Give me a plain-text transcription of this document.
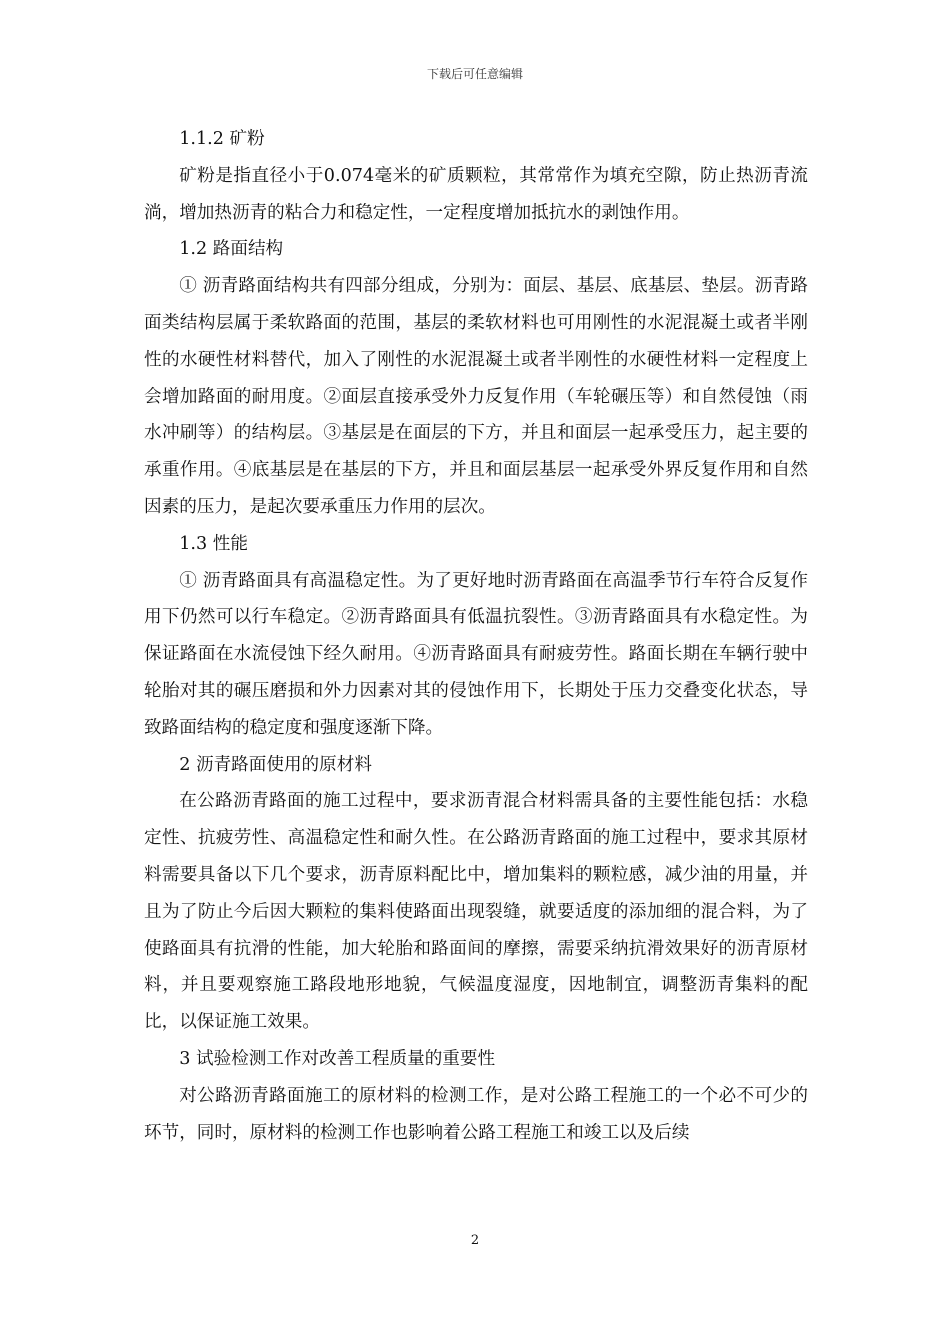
下载后可任意编辑

1.1.2 矿粉

矿粉是指直径小于0.074毫米的矿质颗粒，其常常作为填充空隙，防止热沥青流淌，增加热沥青的粘合力和稳定性，一定程度增加抵抗水的剥蚀作用。

1.2 路面结构

① 沥青路面结构共有四部分组成，分别为：面层、基层、底基层、垫层。沥青路面类结构层属于柔软路面的范围，基层的柔软材料也可用刚性的水泥混凝土或者半刚性的水硬性材料替代，加入了刚性的水泥混凝土或者半刚性的水硬性材料一定程度上会增加路面的耐用度。②面层直接承受外力反复作用（车轮碾压等）和自然侵蚀（雨水冲刷等）的结构层。③基层是在面层的下方，并且和面层一起承受压力，起主要的承重作用。④底基层是在基层的下方，并且和面层基层一起承受外界反复作用和自然因素的压力，是起次要承重压力作用的层次。

1.3 性能

① 沥青路面具有高温稳定性。为了更好地时沥青路面在高温季节行车符合反复作用下仍然可以行车稳定。②沥青路面具有低温抗裂性。③沥青路面具有水稳定性。为保证路面在水流侵蚀下经久耐用。④沥青路面具有耐疲劳性。路面长期在车辆行驶中轮胎对其的碾压磨损和外力因素对其的侵蚀作用下，长期处于压力交叠变化状态，导致路面结构的稳定度和强度逐渐下降。

2 沥青路面使用的原材料

在公路沥青路面的施工过程中，要求沥青混合材料需具备的主要性能包括：水稳定性、抗疲劳性、高温稳定性和耐久性。在公路沥青路面的施工过程中，要求其原材料需要具备以下几个要求，沥青原料配比中，增加集料的颗粒感，减少油的用量，并且为了防止今后因大颗粒的集料使路面出现裂缝，就要适度的添加细的混合料，为了使路面具有抗滑的性能，加大轮胎和路面间的摩擦，需要采纳抗滑效果好的沥青原材料，并且要观察施工路段地形地貌，气候温度湿度，因地制宜，调整沥青集料的配比，以保证施工效果。

3 试验检测工作对改善工程质量的重要性

对公路沥青路面施工的原材料的检测工作，是对公路工程施工的一个必不可少的环节，同时，原材料的检测工作也影响着公路工程施工和竣工以及后续

2
